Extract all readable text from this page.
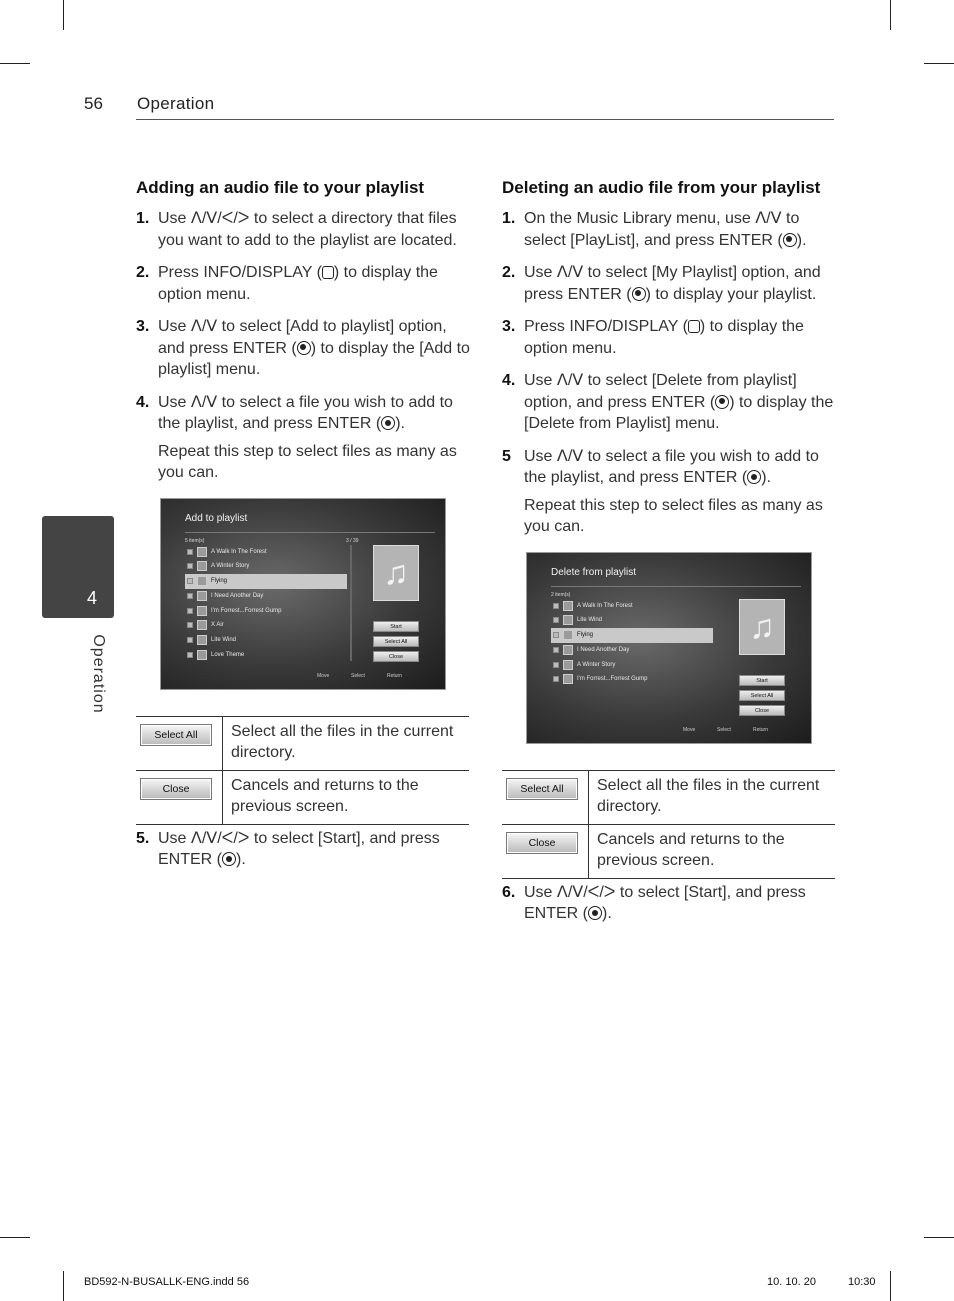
56 Operation
4
Operation
Adding an audio file to your playlist
1. Use ᐱ/ᐯ/ᐸ/ᐳ to select a directory that files you want to add to the playlist are located.

2. Press INFO/DISPLAY ( ) to display the option menu.

3. Use ᐱ/ᐯ to select [Add to playlist] option, and press ENTER ( ) to display the [Add to playlist] menu.

4. Use ᐱ/ᐯ to select a file you wish to add to the playlist, and press ENTER ( ).

Repeat this step to select files as many as you can.

Add to playlist
5 item(s)	3 / 39
A Walk In The Forest
A Winter Story
Flying
I Need Another Day
I'm Forrest...Forrest Gump
X Air
Lite Wind
Love Theme
♫
Start
Select All
Close
Move	Select	Return
Select All	Select all the files in the current directory.
Close	Cancels and returns to the previous screen.
5. Use ᐱ/ᐯ/ᐸ/ᐳ to select [Start], and press ENTER ( ).

Deleting an audio file from your playlist
1. On the Music Library menu, use ᐱ/ᐯ to select [PlayList], and press ENTER ( ).

2. Use ᐱ/ᐯ to select [My Playlist] option, and press ENTER ( ) to display your playlist.

3. Press INFO/DISPLAY ( ) to display the option menu.

4. Use ᐱ/ᐯ to select [Delete from playlist] option, and press ENTER ( ) to display the [Delete from Playlist] menu.

5 Use ᐱ/ᐯ to select a file you wish to add to the playlist, and press ENTER ( ).

Repeat this step to select files as many as you can.

Delete from playlist
2 item(s)
A Walk In The Forest
Lite Wind
Flying
I Need Another Day
A Winter Story
I'm Forrest...Forrest Gump
♫
Start
Select All
Close
Move	Select	Return
Select All	Select all the files in the current directory.
Close	Cancels and returns to the previous screen.
6. Use ᐱ/ᐯ/ᐸ/ᐳ to select [Start], and press ENTER ( ).

BD592-N-BUSALLK-ENG.indd 56	10. 10. 20	10:30
